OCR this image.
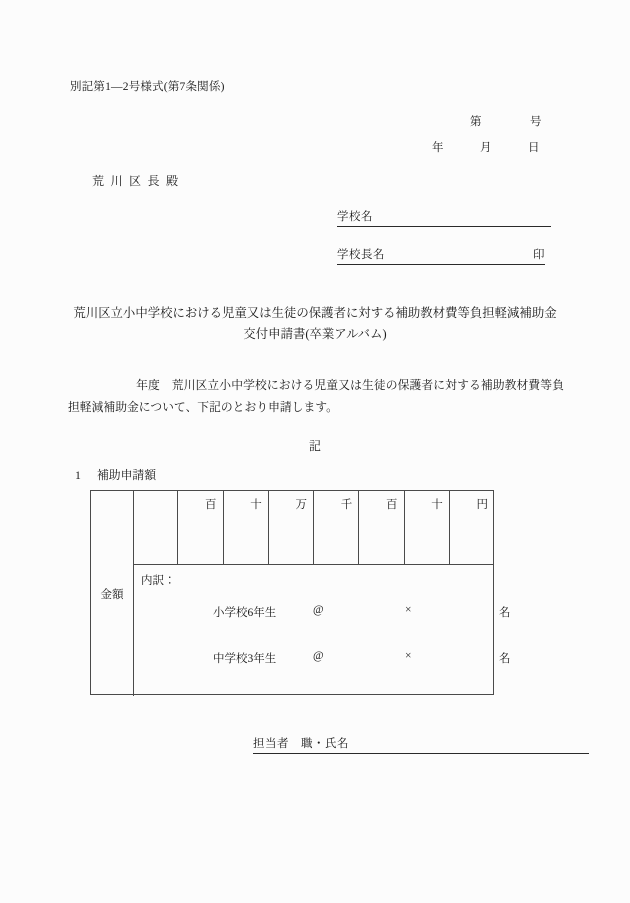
別記第1—2号様式(第7条関係)
第　　　　号
年　　　月　　　日
荒川区長殿
学校名
学校長名	印
荒川区立小中学校における児童又は生徒の保護者に対する補助教材費等負担軽減補助金
交付申請書(卒業アルバム)
年度　荒川区立小中学校における児童又は生徒の保護者に対する補助教材費等負担軽減補助金について、下記のとおり申請します。
記
1 補助申請額
金額
百	十	万	千	百	十	円
内訳：
小学校6年生	@	×	名
中学校3年生	@	×	名
担当者　職・氏名
